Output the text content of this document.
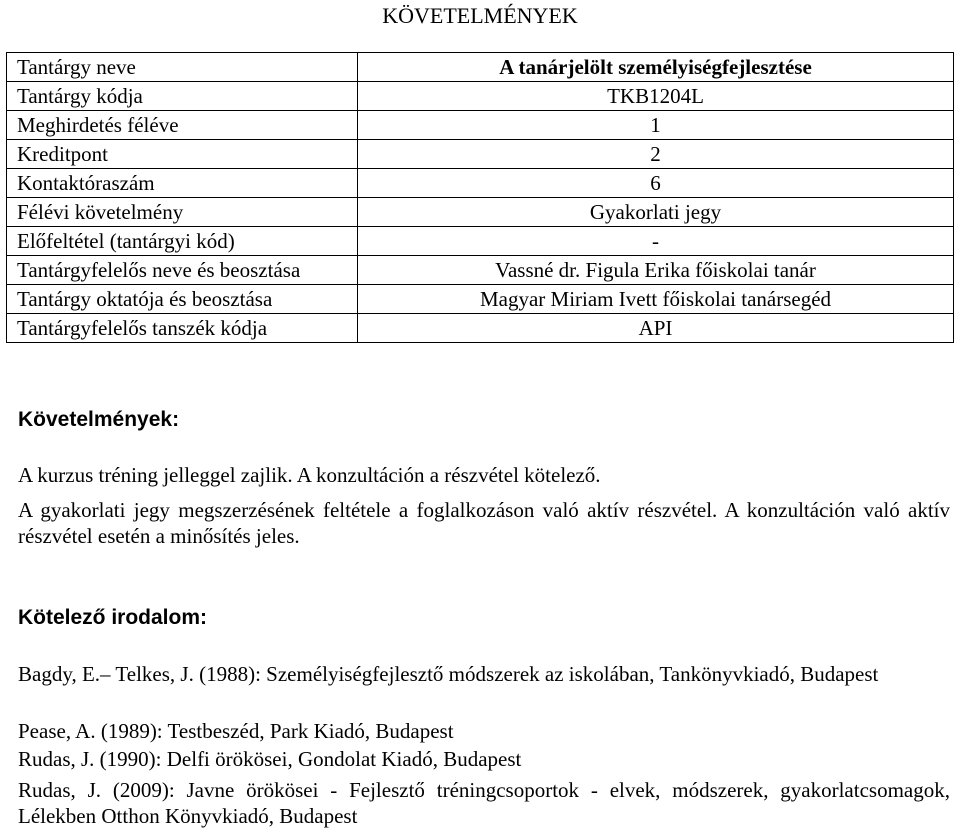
KÖVETELMÉNYEK
Tantárgy neve	A tanárjelölt személyiségfejlesztése
Tantárgy kódja	TKB1204L
Meghirdetés féléve	1
Kreditpont	2
Kontaktóraszám	6
Félévi követelmény	Gyakorlati jegy
Előfeltétel (tantárgyi kód)	-
Tantárgyfelelős neve és beosztása	Vassné dr. Figula Erika főiskolai tanár
Tantárgy oktatója és beosztása	Magyar Miriam Ivett főiskolai tanársegéd
Tantárgyfelelős tanszék kódja	API
Követelmények:
A kurzus tréning jelleggel zajlik. A konzultáción a részvétel kötelező.
A gyakorlati jegy megszerzésének feltétele a foglalkozáson való aktív részvétel. A konzultáción való aktív részvétel esetén a minősítés jeles.
Kötelező irodalom:
Bagdy, E.– Telkes, J. (1988): Személyiségfejlesztő módszerek az iskolában, Tankönyvkiadó, Budapest
Pease, A. (1989): Testbeszéd, Park Kiadó, Budapest
Rudas, J. (1990): Delfi örökösei, Gondolat Kiadó, Budapest
Rudas, J. (2009): Javne örökösei - Fejlesztő tréningcsoportok - elvek, módszerek, gyakorlatcsomagok, Lélekben Otthon Könyvkiadó, Budapest
